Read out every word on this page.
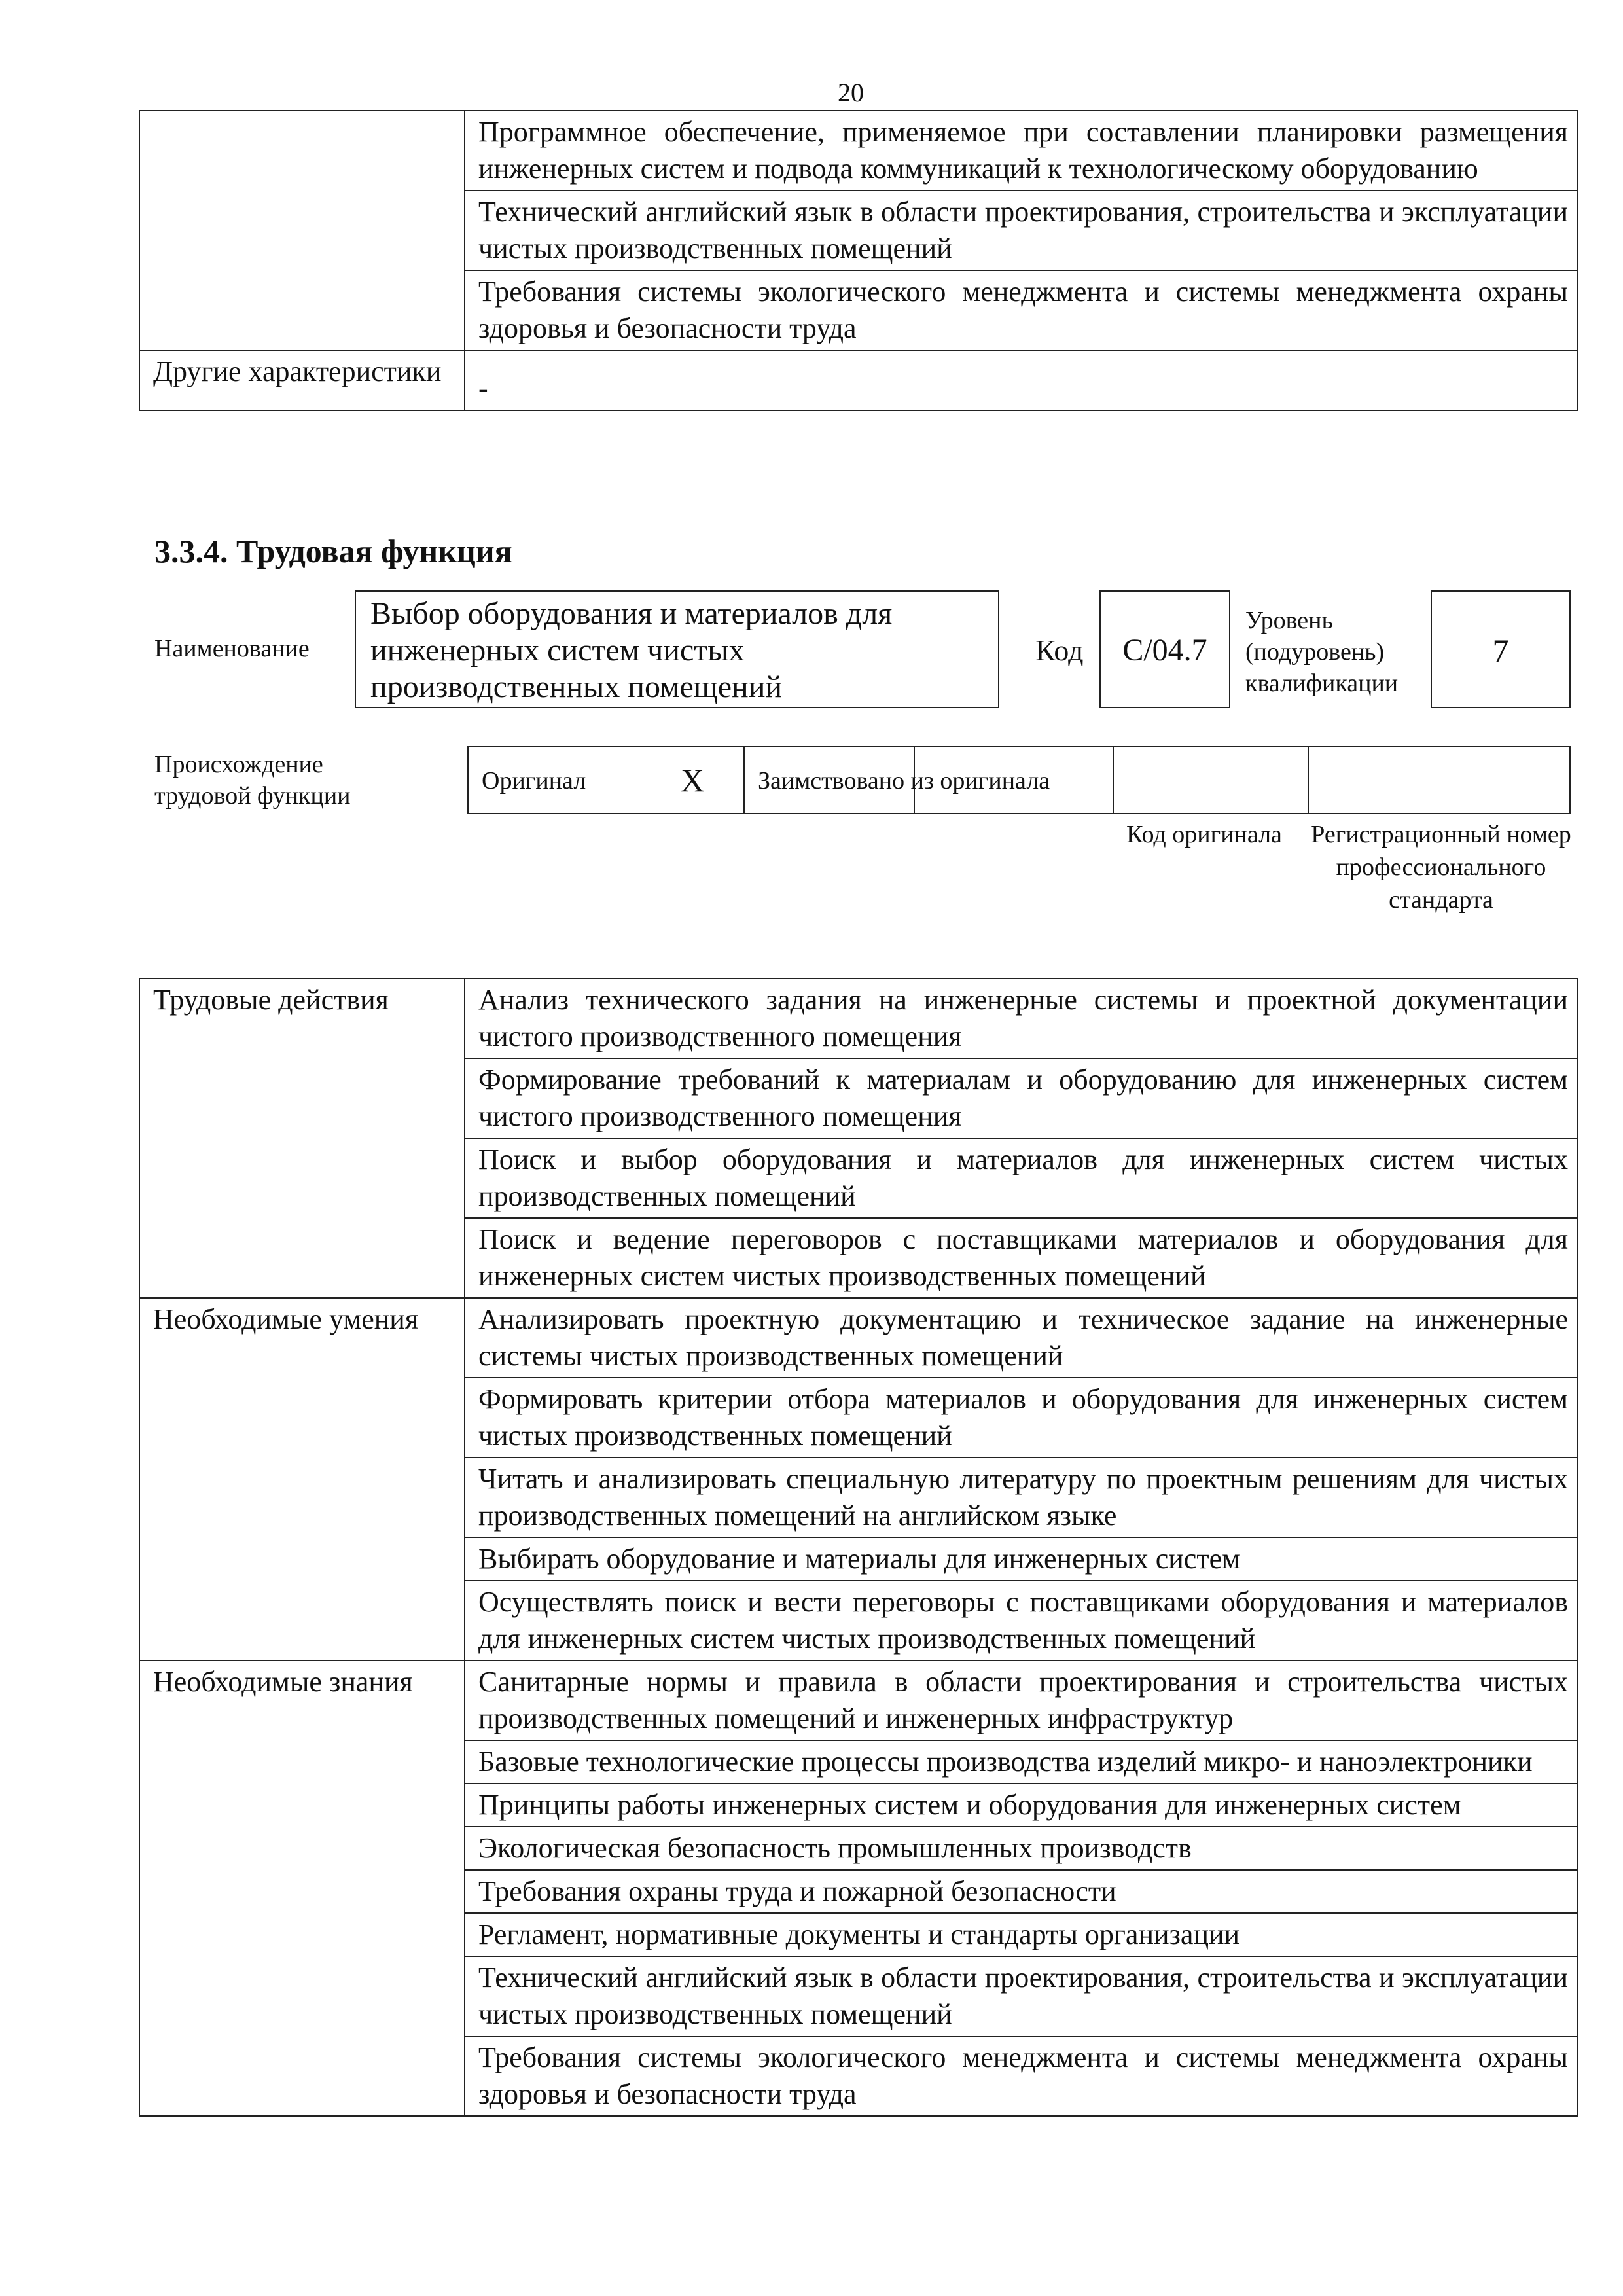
20

	Программное обеспечение, применяемое при составлении планировки размещения инженерных систем и подвода коммуникаций к технологическому оборудованию

	Технический английский язык в области проектирования, строительства и эксплуатации чистых производственных помещений

	Требования системы экологического менеджмента и системы менеджмента охраны здоровья и безопасности труда

Другие характеристики	-
3.3.4. Трудовая функция
Наименование
Выбор оборудования и материалов для инженерных систем чистых производственных помещений
Код	C/04.7
Уровень (подуровень) квалификации
7
Происхождение трудовой функции
Оригинал	X Заимствовано из оригинала
Код оригинала	Регистрационный номер профессионального стандарта
Трудовые действия	Анализ технического задания на инженерные системы и проектной документации чистого производственного помещения

	Формирование требований к материалам и оборудованию для инженерных систем чистого производственного помещения

	Поиск и выбор оборудования и материалов для инженерных систем чистых производственных помещений

	Поиск и ведение переговоров с поставщиками материалов и оборудования для инженерных систем чистых производственных помещений

Необходимые умения	Анализировать проектную документацию и техническое задание на инженерные системы чистых производственных помещений

	Формировать критерии отбора материалов и оборудования для инженерных систем чистых производственных помещений

	Читать и анализировать специальную литературу по проектным решениям для чистых производственных помещений на английском языке

	Выбирать оборудование и материалы для инженерных систем

	Осуществлять поиск и вести переговоры с поставщиками оборудования и материалов для инженерных систем чистых производственных помещений

Необходимые знания	Санитарные нормы и правила в области проектирования и строительства чистых производственных помещений и инженерных инфраструктур

	Базовые технологические процессы производства изделий микро- и наноэлектроники

	Принципы работы инженерных систем и оборудования для инженерных систем

	Экологическая безопасность промышленных производств

	Требования охраны труда и пожарной безопасности

	Регламент, нормативные документы и стандарты организации

	Технический английский язык в области проектирования, строительства и эксплуатации чистых производственных помещений

	Требования системы экологического менеджмента и системы менеджмента охраны здоровья и безопасности труда
